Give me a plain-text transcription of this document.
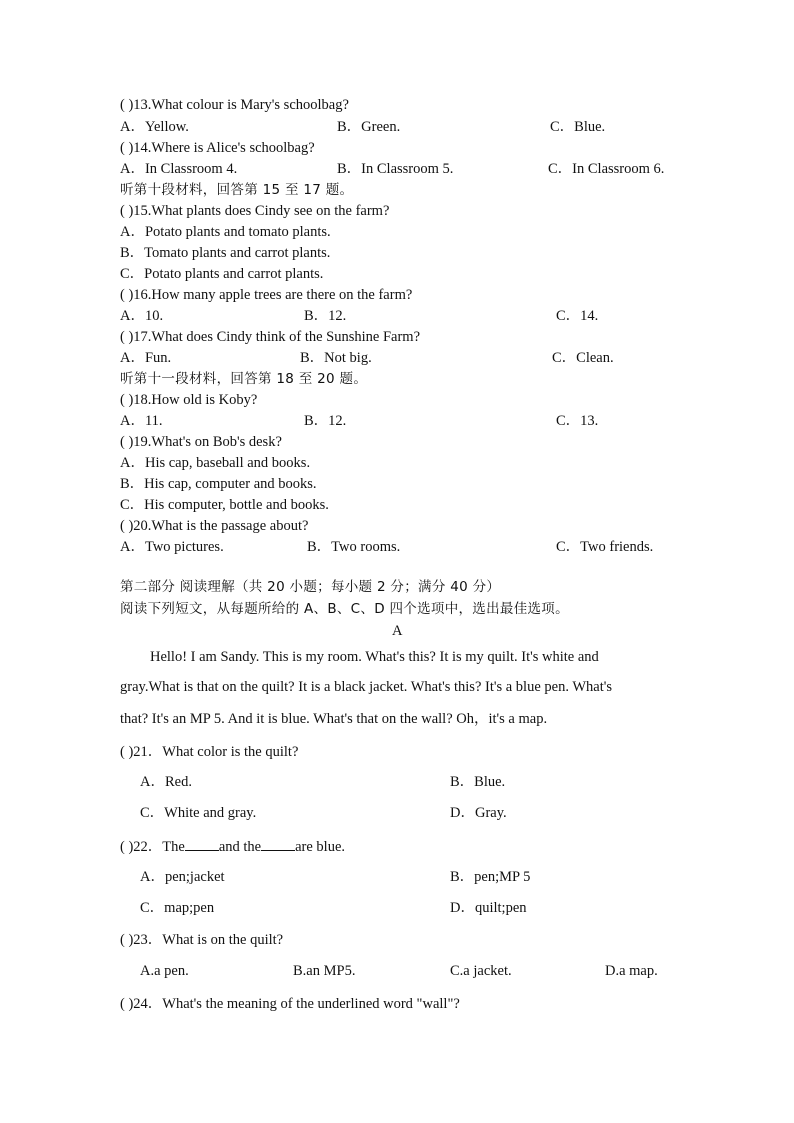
( )13.What colour is Mary's schoolbag?
A．Yellow.	B．Green.	C．Blue.
( )14.Where is Alice's schoolbag?
A．In Classroom 4.	B．In Classroom 5.	C．In Classroom 6.
听第十段材料，回答第 15 至 17 题。
( )15.What plants does Cindy see on the farm?
A．Potato plants and tomato plants.
B．Tomato plants and carrot plants.
C．Potato plants and carrot plants.
( )16.How many apple trees are there on the farm?
A．10.	B．12.	C．14.
( )17.What does Cindy think of the Sunshine Farm?
A．Fun.	B．Not big.	C．Clean.
听第十一段材料，回答第 18 至 20 题。
( )18.How old is Koby?
A．11.	B．12.	C．13.
( )19.What's on Bob's desk?
A．His cap, baseball and books.
B．His cap, computer and books.
C．His computer, bottle and books.
( )20.What is the passage about?
A．Two pictures.	B．Two rooms.	C．Two friends.
第二部分 阅读理解（共 20 小题；每小题 2 分；满分 40 分）
阅读下列短文，从每题所给的 A、B、C、D 四个选项中，选出最佳选项。
A
Hello! I am Sandy. This is my room. What's this? It is my quilt. It's white and
gray.What is that on the quilt? It is a black jacket. What's this? It's a blue pen. What's
that? It's an MP 5. And it is blue. What's that on the wall? Oh，it's a map.
( )21．What color is the quilt?
A．Red.	B．Blue.
C．White and gray.	D．Gray.
( )22．The and the are blue.
A．pen;jacket	B．pen;MP 5
C．map;pen	D．quilt;pen
( )23．What is on the quilt?
A.a pen.	B.an MP5.	C.a jacket.	D.a map.
( )24．What's the meaning of the underlined word "wall"?
